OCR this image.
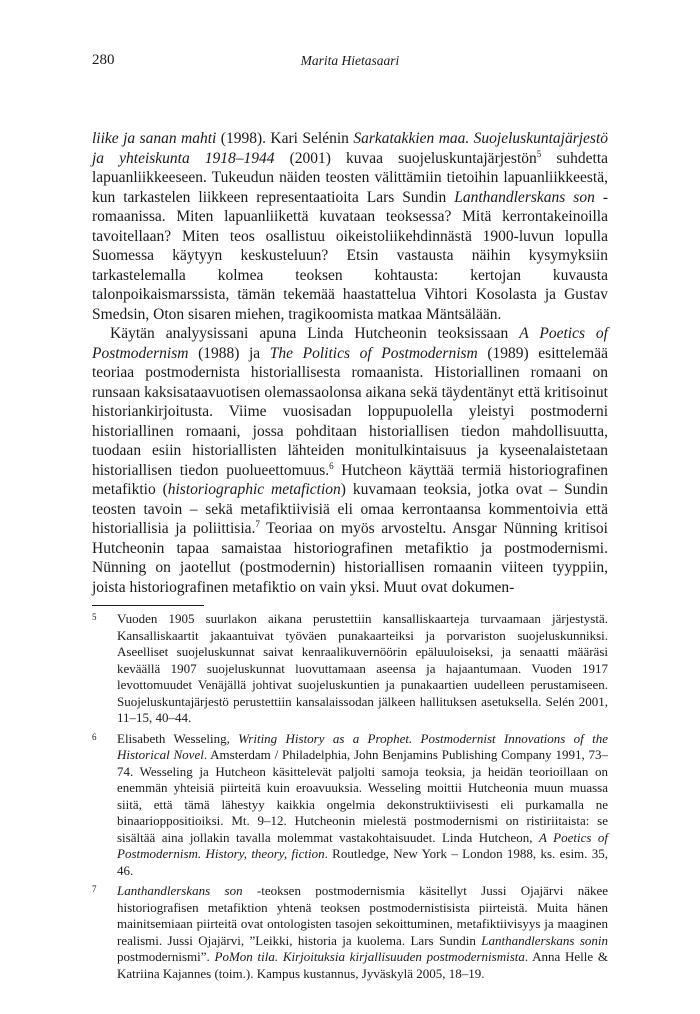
280	Marita Hietasaari

liike ja sanan mahti (1998). Kari Selénin Sarkatakkien maa. Suojeluskuntajärjestö ja yhteiskunta 1918–1944 (2001) kuvaa suojeluskuntajärjestön$^5$ suhdetta lapuanliikkeeseen. Tukeudun näiden teosten välittämiin tietoihin lapuanliikkeestä, kun tarkastelen liikkeen representaatioita Lars Sundin Lanthandlerskans son -romaanissa. Miten lapuanliikettä kuvataan teoksessa? Mitä kerrontakeinoilla tavoitellaan? Miten teos osallistuu oikeistoliikehdinnästä 1900-luvun lopulla Suomessa käytyyn keskusteluun? Etsin vastausta näihin kysymyksiin tarkastelemalla kolmea teoksen kohtausta: kertojan kuvausta talonpoikaismarssista, tämän tekemää haastattelua Vihtori Kosolasta ja Gustav Smedsin, Oton sisaren miehen, tragikoomista matkaa Mäntsälään.

Käytän analyysissani apuna Linda Hutcheonin teoksissaan A Poetics of Postmodernism (1988) ja The Politics of Postmodernism (1989) esittelemää teoriaa postmodernista historiallisesta romaanista. Historiallinen romaani on runsaan kaksisataavuotisen olemassaolonsa aikana sekä täydentänyt että kritisoinut historiankirjoitusta. Viime vuosisadan loppupuolella yleistyi postmoderni historiallinen romaani, jossa pohditaan historiallisen tiedon mahdollisuutta, tuodaan esiin historiallisten lähteiden monitulkintaisuus ja kyseenalaistetaan historiallisen tiedon puolueettomuus.$^6$ Hutcheon käyttää termiä historiografinen metafiktio (historiographic metafiction) kuvamaan teoksia, jotka ovat – Sundin teosten tavoin – sekä metafiktiivisiä eli omaa kerrontaansa kommentoivia että historiallisia ja poliittisia.$^7$ Teoriaa on myös arvosteltu. Ansgar Nünning kritisoi Hutcheonin tapaa samaistaa historiografinen metafiktio ja postmodernismi. Nünning on jaotellut (postmodernin) historiallisen romaanin viiteen tyyppiin, joista historiografinen metafiktio on vain yksi. Muut ovat dokumen-

5 Vuoden 1905 suurlakon aikana perustettiin kansalliskaarteja turvaamaan järjestystä. Kansalliskaartit jakaantuivat työväen punakaarteiksi ja porvariston suojeluskunniksi. Aseelliset suojeluskunnat saivat kenraalikuvernöörin epäluuloiseksi, ja senaatti määräsi keväällä 1907 suojeluskunnat luovuttamaan aseensa ja hajaantumaan. Vuoden 1917 levottomuudet Venäjällä johtivat suojeluskuntien ja punakaartien uudelleen perustamiseen. Suojeluskuntajärjestö perustettiin kansalaissodan jälkeen hallituksen asetuksella. Selén 2001, 11–15, 40–44.
6 Elisabeth Wesseling, Writing History as a Prophet. Postmodernist Innovations of the Historical Novel. Amsterdam / Philadelphia, John Benjamins Publishing Company 1991, 73–74. Wesseling ja Hutcheon käsittelevät paljolti samoja teoksia, ja heidän teorioillaan on enemmän yhteisiä piirteitä kuin eroavuuksia. Wesseling moittii Hutcheonia muun muassa siitä, että tämä lähestyy kaikkia ongelmia dekonstruktiivisesti eli purkamalla ne binaarioppositioiksi. Mt. 9–12. Hutcheonin mielestä postmodernismi on ristiriitaista: se sisältää aina jollakin tavalla molemmat vastakohtaisuudet. Linda Hutcheon, A Poetics of Postmodernism. History, theory, fiction. Routledge, New York – London 1988, ks. esim. 35, 46.
7 Lanthandlerskans son -teoksen postmodernismia käsitellyt Jussi Ojajärvi näkee historiografisen metafiktion yhtenä teoksen postmodernistisista piirteistä. Muita hänen mainitsemiaan piirteitä ovat ontologisten tasojen sekoittuminen, metafiktiivisyys ja maaginen realismi. Jussi Ojajärvi, ”Leikki, historia ja kuolema. Lars Sundin Lanthandlerskans sonin postmodernismi”. PoMon tila. Kirjoituksia kirjallisuuden postmodernismista. Anna Helle & Katriina Kajannes (toim.). Kampus kustannus, Jyväskylä 2005, 18–19.
